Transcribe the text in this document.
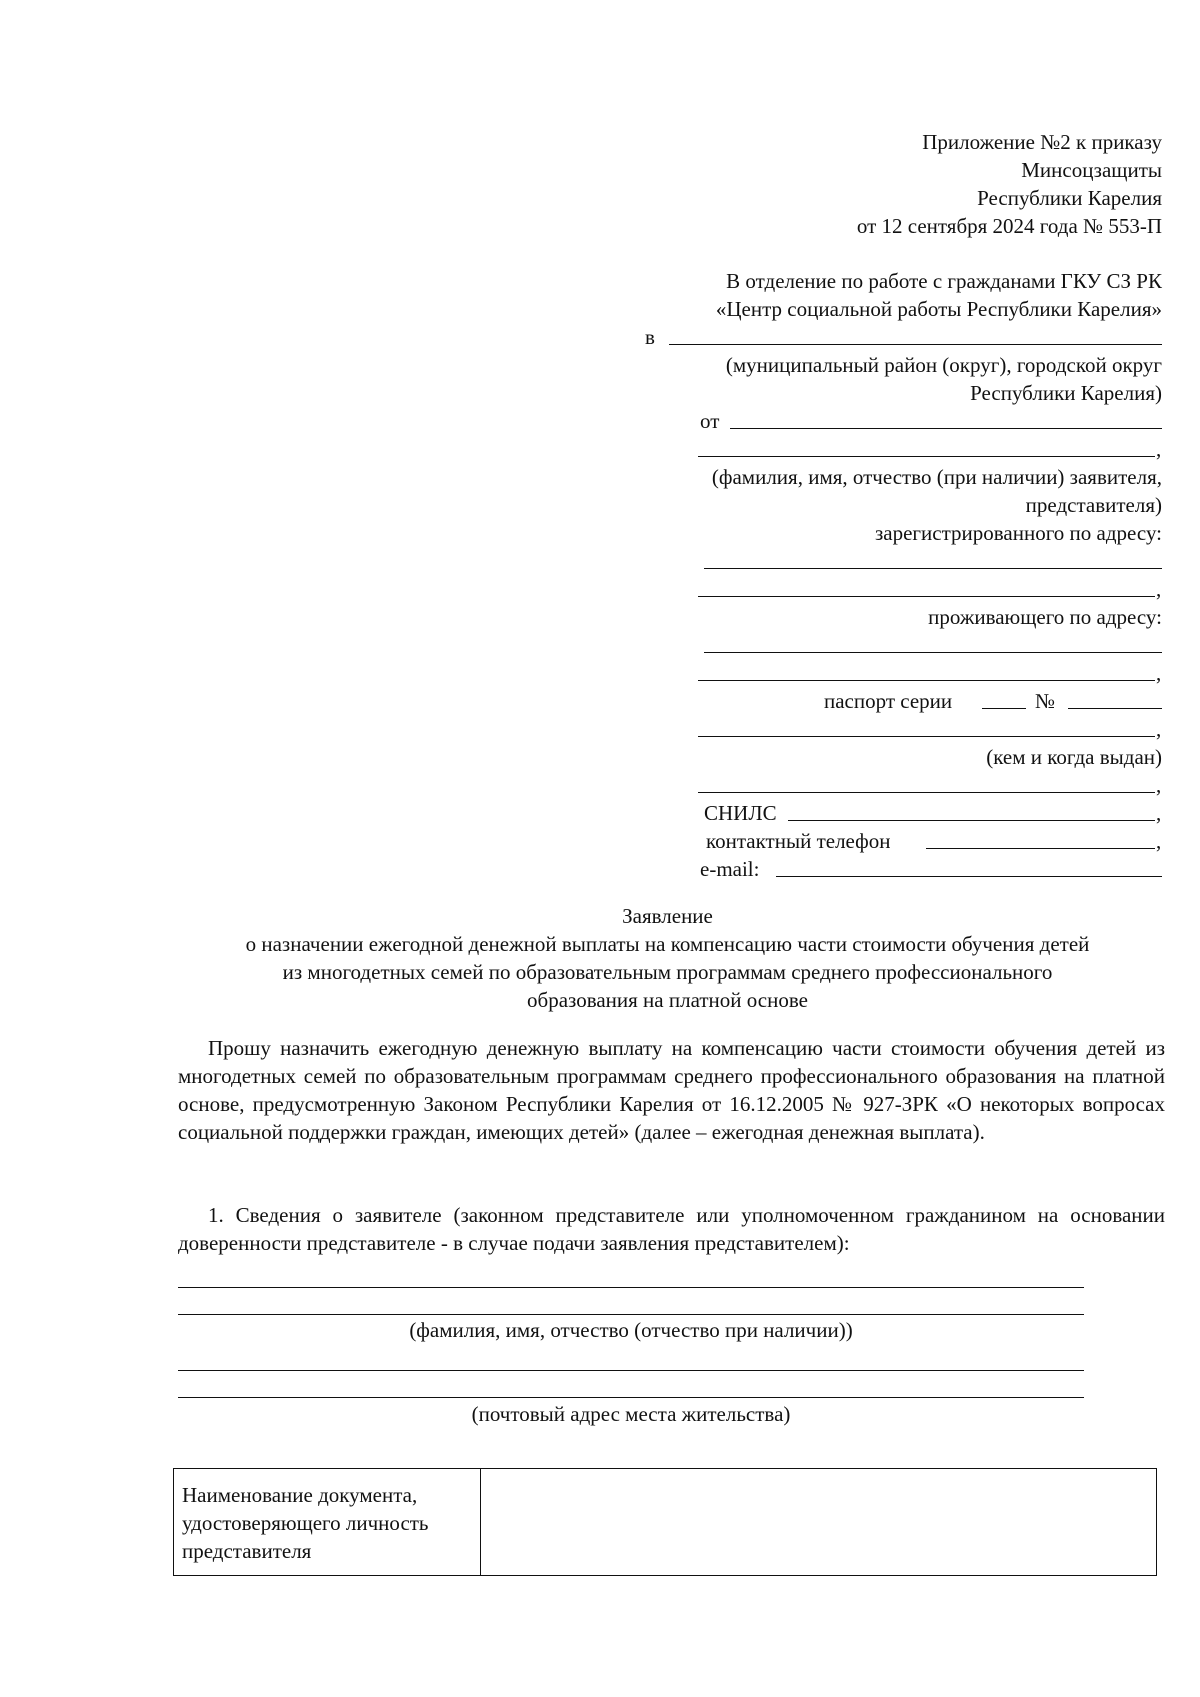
Приложение №2 к приказу
Минсоцзащиты
Республики Карелия
от 12 сентября 2024 года № 553-П
В отделение по работе с гражданами ГКУ СЗ РК
«Центр социальной работы Республики Карелия»
в
(муниципальный район (округ), городской округ
Республики Карелия)
от
,
(фамилия, имя, отчество (при наличии) заявителя,
представителя)
зарегистрированного по адресу:
,
проживающего по адресу:
,
паспорт серии	№
,
(кем и когда выдан)
,
СНИЛС	,
контактный телефон	,
e-mail:
Заявление
о назначении ежегодной денежной выплаты на компенсацию части стоимости обучения детей
из многодетных семей по образовательным программам среднего профессионального
образования на платной основе
Прошу назначить ежегодную денежную выплату на компенсацию части стоимости обучения детей из многодетных семей по образовательным программам среднего профессионального образования на платной основе, предусмотренную Законом Республики Карелия от 16.12.2005 № 927-ЗРК «О некоторых вопросах социальной поддержки граждан, имеющих детей» (далее – ежегодная денежная выплата).
1. Сведения о заявителе (законном представителе или уполномоченном гражданином на основании доверенности представителе - в случае подачи заявления представителем):
(фамилия, имя, отчество (отчество при наличии))
(почтовый адрес места жительства)
Наименование документа, удостоверяющего личность представителя	
